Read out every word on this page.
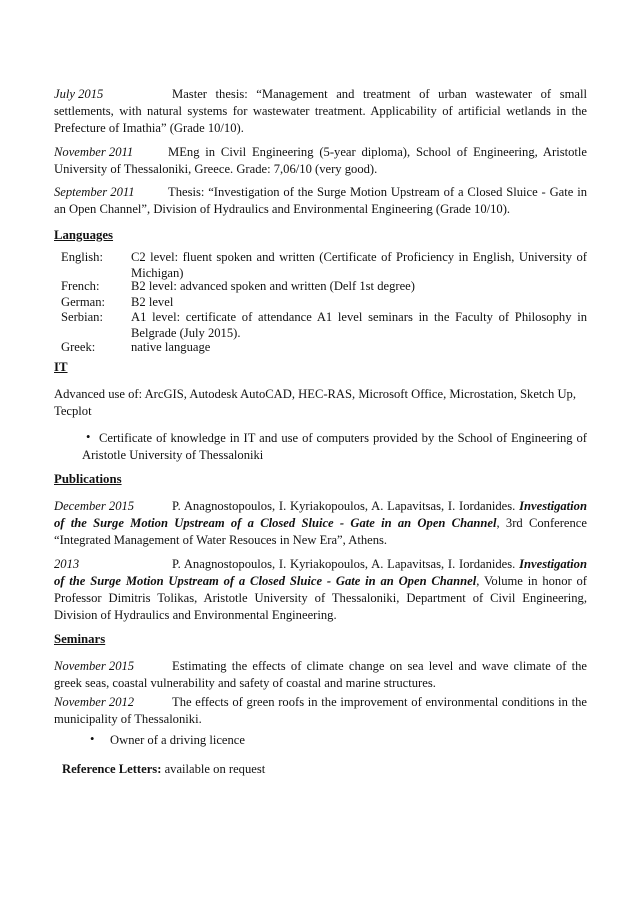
July 2015	Master thesis: “Management and treatment of urban wastewater of small settlements, with natural systems for wastewater treatment. Applicability of artificial wetlands in the Prefecture of Imathia” (Grade 10/10).
November 2011	MEng in Civil Engineering (5-year diploma), School of Engineering, Aristotle University of Thessaloniki, Greece. Grade: 7,06/10 (very good).
September 2011	Thesis: “Investigation of the Surge Motion Upstream of a Closed Sluice - Gate in an Open Channel”, Division of Hydraulics and Environmental Engineering (Grade 10/10).
Languages
English: C2 level: fluent spoken and written (Certificate of Proficiency in English, University of Michigan)
French:	B2 level: advanced spoken and written (Delf 1st degree)
German: B2 level
Serbian: A1 level: certificate of attendance A1 level seminars in the Faculty of Philosophy in Belgrade (July 2015).
Greek:	native language
IT
Advanced use of: ArcGIS, Autodesk AutoCAD, HEC-RAS, Microsoft Office, Microstation, Sketch Up, Tecplot
• Certificate of knowledge in IT and use of computers provided by the School of Engineering of Aristotle University of Thessaloniki
Publications
December 2015	P. Anagnostopoulos, I. Kyriakopoulos, A. Lapavitsas, I. Iordanides. Investigation of the Surge Motion Upstream of a Closed Sluice - Gate in an Open Channel, 3rd Conference “Integrated Management of Water Resouces in New Era”, Athens.
2013	P. Anagnostopoulos, I. Kyriakopoulos, A. Lapavitsas, I. Iordanides. Investigation of the Surge Motion Upstream of a Closed Sluice - Gate in an Open Channel, Volume in honor of Professor Dimitris Tolikas, Aristotle University of Thessaloniki, Department of Civil Engineering, Division of Hydraulics and Environmental Engineering.
Seminars
November 2015	Estimating the effects of climate change on sea level and wave climate of the greek seas, coastal vulnerability and safety of coastal and marine structures.
November 2012	The effects of green roofs in the improvement of environmental conditions in the municipality of Thessaloniki.
• Owner of a driving licence
Reference Letters: available on request
